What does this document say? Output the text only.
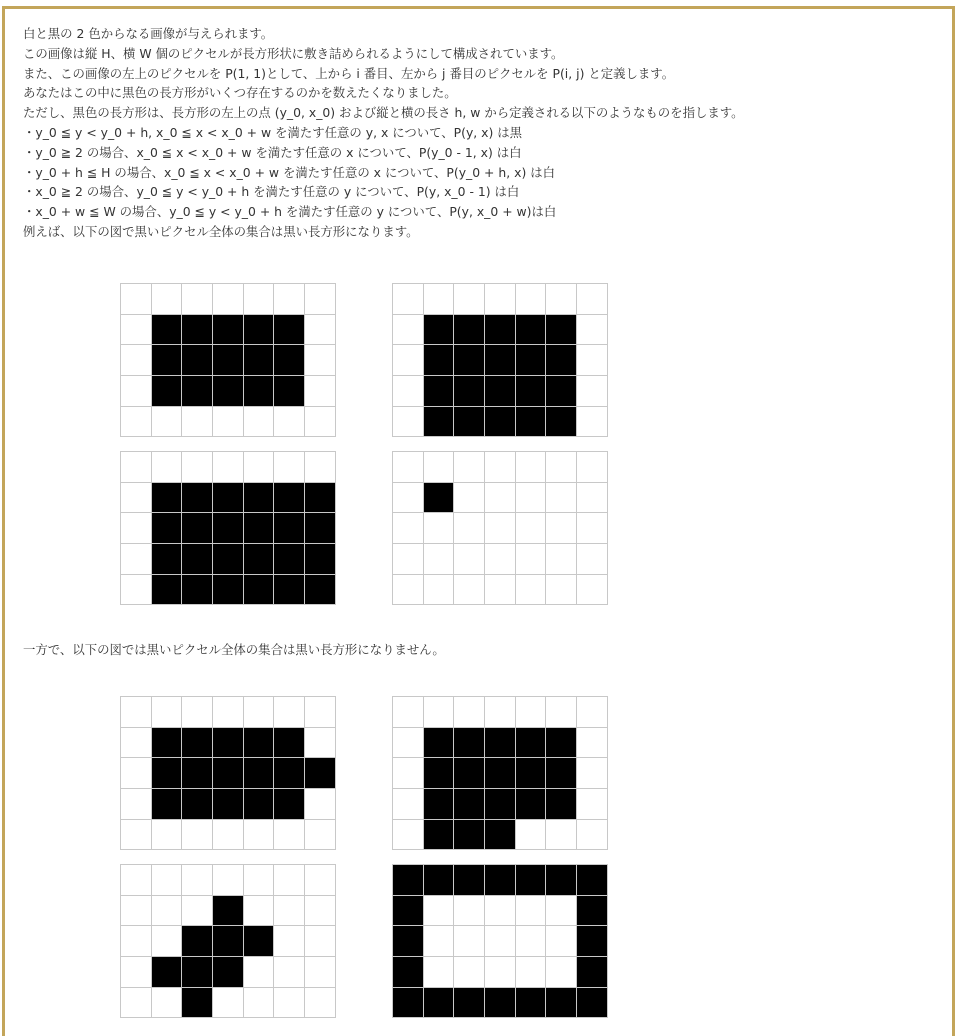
白と黒の 2 色からなる画像が与えられます。
この画像は縦 H、横 W 個のピクセルが長方形状に敷き詰められるようにして構成されています。
また、この画像の左上のピクセルを P(1, 1)として、上から i 番目、左から j 番目のピクセルを P(i, j) と定義します。
あなたはこの中に黒色の長方形がいくつ存在するのかを数えたくなりました。
ただし、黒色の長方形は、長方形の左上の点 (y_0, x_0) および縦と横の長さ h, w から定義される以下のようなものを指します。
・y_0 ≦ y < y_0 + h, x_0 ≦ x < x_0 + w を満たす任意の y, x について、P(y, x) は黒
・y_0 ≧ 2 の場合、x_0 ≦ x < x_0 + w を満たす任意の x について、P(y_0 - 1, x) は白
・y_0 + h ≦ H の場合、x_0 ≦ x < x_0 + w を満たす任意の x について、P(y_0 + h, x) は白
・x_0 ≧ 2 の場合、y_0 ≦ y < y_0 + h を満たす任意の y について、P(y, x_0 - 1) は白
・x_0 + w ≦ W の場合、y_0 ≦ y < y_0 + h を満たす任意の y について、P(y, x_0 + w)は白
例えば、以下の図で黒いピクセル全体の集合は黒い長方形になります。
一方で、以下の図では黒いピクセル全体の集合は黒い長方形になりません。
